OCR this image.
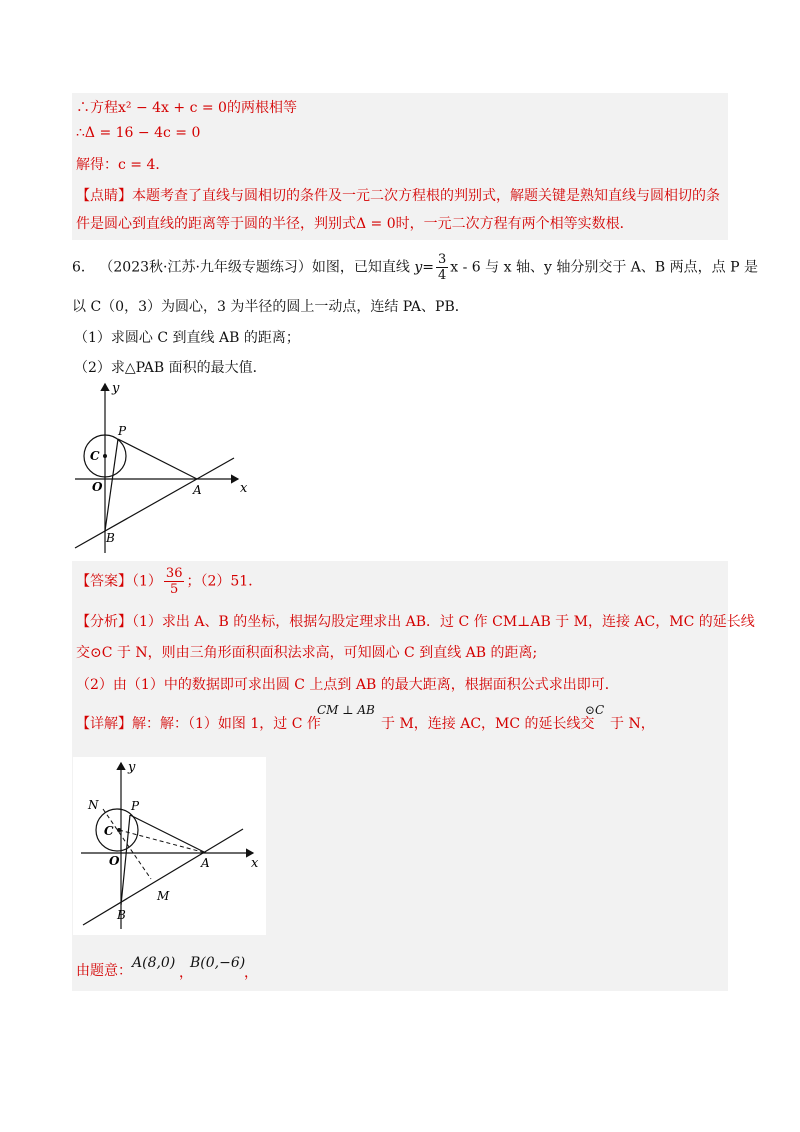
∴方程x² − 4x + c = 0的两根相等
∴Δ = 16 − 4c = 0
解得：c = 4．
【点睛】本题考查了直线与圆相切的条件及一元二次方程根的判别式，解题关键是熟知直线与圆相切的条
件是圆心到直线的距离等于圆的半径，判别式Δ = 0时，一元二次方程有两个相等实数根．
6． （2023秋·江苏·九年级专题练习）如图，已知直线 $y= \frac{3}{4}$ x - 6 与 x 轴、y 轴分别交于 A、B 两点，点 P 是
以 C（0，3）为圆心，3 为半径的圆上一动点，连结 PA、PB．
（1）求圆心 C 到直线 AB 的距离；
（2）求△PAB 面积的最大值．
y
x
P
C
O	A
B
【答案】$(1) \frac{36}{5}$ ；（2）51．
【分析】（1）求出 A、B 的坐标，根据勾股定理求出 AB．过 C 作 CM⊥AB 于 M，连接 AC，MC 的延长线
交⊙C 于 N，则由三角形面积面积法求高，可知圆心 C 到直线 AB 的距离;
（2）由（1）中的数据即可求出圆 C 上点到 AB 的最大距离，根据面积公式求出即可．
【详解】解：解：（1）如图 1，过 C 作
CM ⊥ AB
于 M，连接 AC，MC 的延长线交
⊙C
于 N，
y
x
N	P
C
O	A
B
M
由题意： A(8,0)
，
B(0,−6)
，
